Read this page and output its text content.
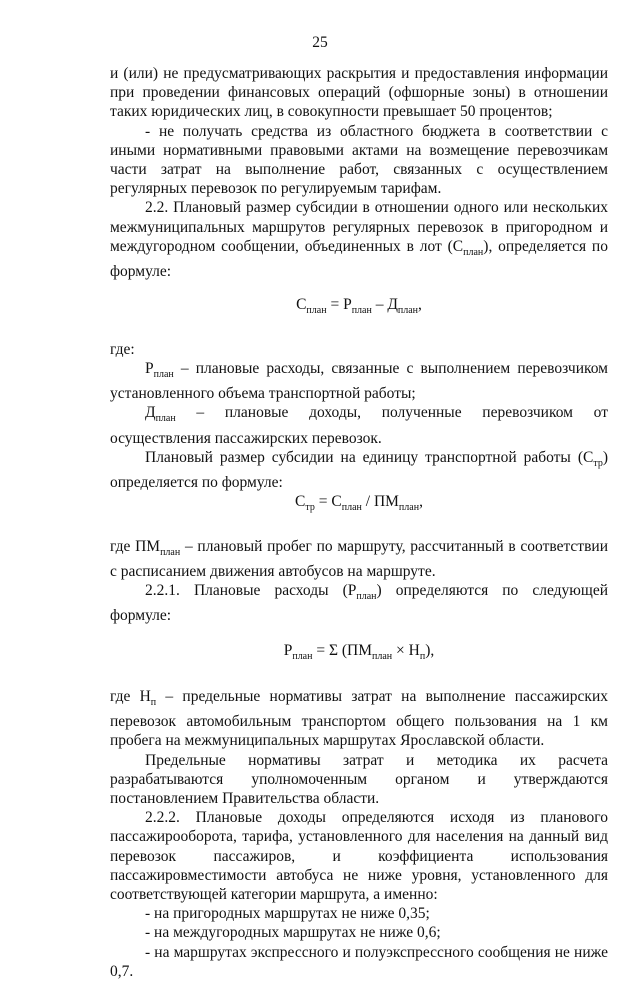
25

и (или) не предусматривающих раскрытия и предоставления информации при проведении финансовых операций (офшорные зоны) в отношении таких юридических лиц, в совокупности превышает 50 процентов;

- не получать средства из областного бюджета в соответствии с иными нормативными правовыми актами на возмещение перевозчикам части затрат на выполнение работ, связанных с осуществлением регулярных перевозок по регулируемым тарифам.

2.2. Плановый размер субсидии в отношении одного или нескольких межмуниципальных маршрутов регулярных перевозок в пригородном и междугородном сообщении, объединенных в лот $(С_{план})$, определяется по формуле:

$С_{план} = Р_{план} - Д_{план}$,

где:

$Р_{план}$ – плановые расходы, связанные с выполнением перевозчиком установленного объема транспортной работы;

$Д_{план}$ – плановые доходы, полученные перевозчиком от осуществления пассажирских перевозок.

Плановый размер субсидии на единицу транспортной работы $(С_{тр})$ определяется по формуле:

$С_{тр} = С_{план} / ПМ_{план}$,

где $ПМ_{план}$ – плановый пробег по маршруту, рассчитанный в соответствии с расписанием движения автобусов на маршруте.

2.2.1. Плановые расходы $(Р_{план})$ определяются по следующей формуле:

$Р_{план} = \Sigma$ $(ПМ_{план} \times Н_п)$,

где $Н_п$ – предельные нормативы затрат на выполнение пассажирских перевозок автомобильным транспортом общего пользования на 1 км пробега на межмуниципальных маршрутах Ярославской области.

Предельные нормативы затрат и методика их расчета разрабатываются уполномоченным органом и утверждаются постановлением Правительства области.

2.2.2. Плановые доходы определяются исходя из планового пассажирооборота, тарифа, установленного для населения на данный вид перевозок пассажиров, и коэффициента использования пассажировместимости автобуса не ниже уровня, установленного для соответствующей категории маршрута, а именно:

- на пригородных маршрутах не ниже 0,35;

- на междугородных маршрутах не ниже 0,6;

- на маршрутах экспрессного и полуэкспрессного сообщения не ниже 0,7.
